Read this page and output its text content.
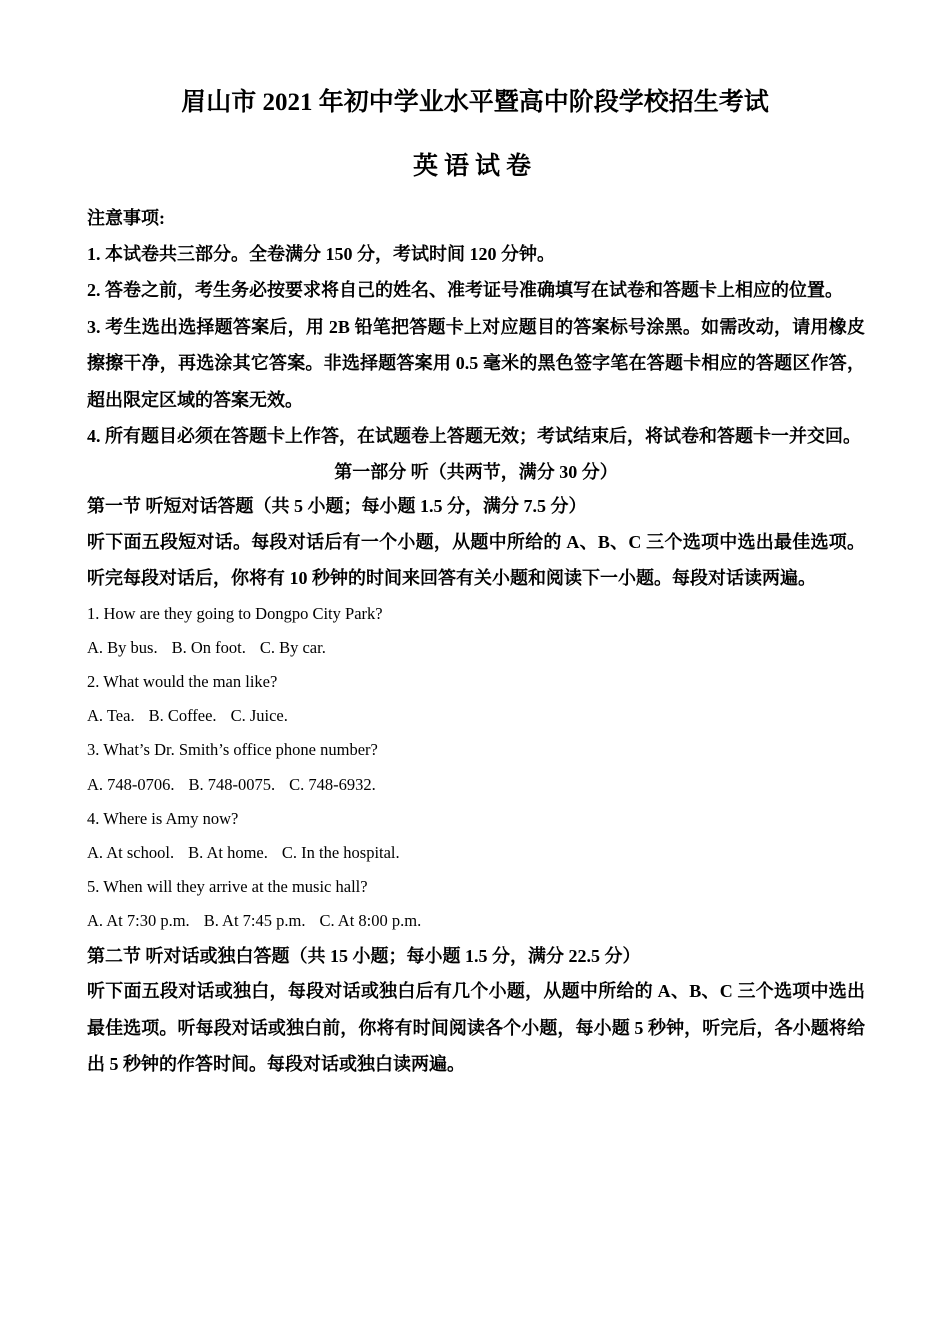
眉山市 2021 年初中学业水平暨高中阶段学校招生考试
英语试卷
注意事项:
1. 本试卷共三部分。全卷满分 150 分，考试时间 120 分钟。
2. 答卷之前，考生务必按要求将自己的姓名、准考证号准确填写在试卷和答题卡上相应的位置。
3. 考生选出选择题答案后，用 2B 铅笔把答题卡上对应题目的答案标号涂黑。如需改动，请用橡皮擦擦干净，再选涂其它答案。非选择题答案用 0.5 毫米的黑色签字笔在答题卡相应的答题区作答，超出限定区域的答案无效。
4. 所有题目必须在答题卡上作答，在试题卷上答题无效；考试结束后，将试卷和答题卡一并交回。
第一部分 听（共两节，满分 30 分）
第一节 听短对话答题（共 5 小题；每小题 1.5 分，满分 7.5 分）
听下面五段短对话。每段对话后有一个小题，从题中所给的 A、B、C 三个选项中选出最佳选项。听完每段对话后，你将有 10 秒钟的时间来回答有关小题和阅读下一小题。每段对话读两遍。
1. How are they going to Dongpo City Park?
A. By bus. B. On foot. C. By car.
2. What would the man like?
A. Tea. B. Coffee. C. Juice.
3. What’s Dr. Smith’s office phone number?
A. 748-0706. B. 748-0075. C. 748-6932.
4. Where is Amy now?
A. At school. B. At home. C. In the hospital.
5. When will they arrive at the music hall?
A. At 7:30 p.m. B. At 7:45 p.m. C. At 8:00 p.m.
第二节 听对话或独白答题（共 15 小题；每小题 1.5 分，满分 22.5 分）
听下面五段对话或独白，每段对话或独白后有几个小题，从题中所给的 A、B、C 三个选项中选出最佳选项。听每段对话或独白前，你将有时间阅读各个小题，每小题 5 秒钟，听完后，各小题将给出 5 秒钟的作答时间。每段对话或独白读两遍。
